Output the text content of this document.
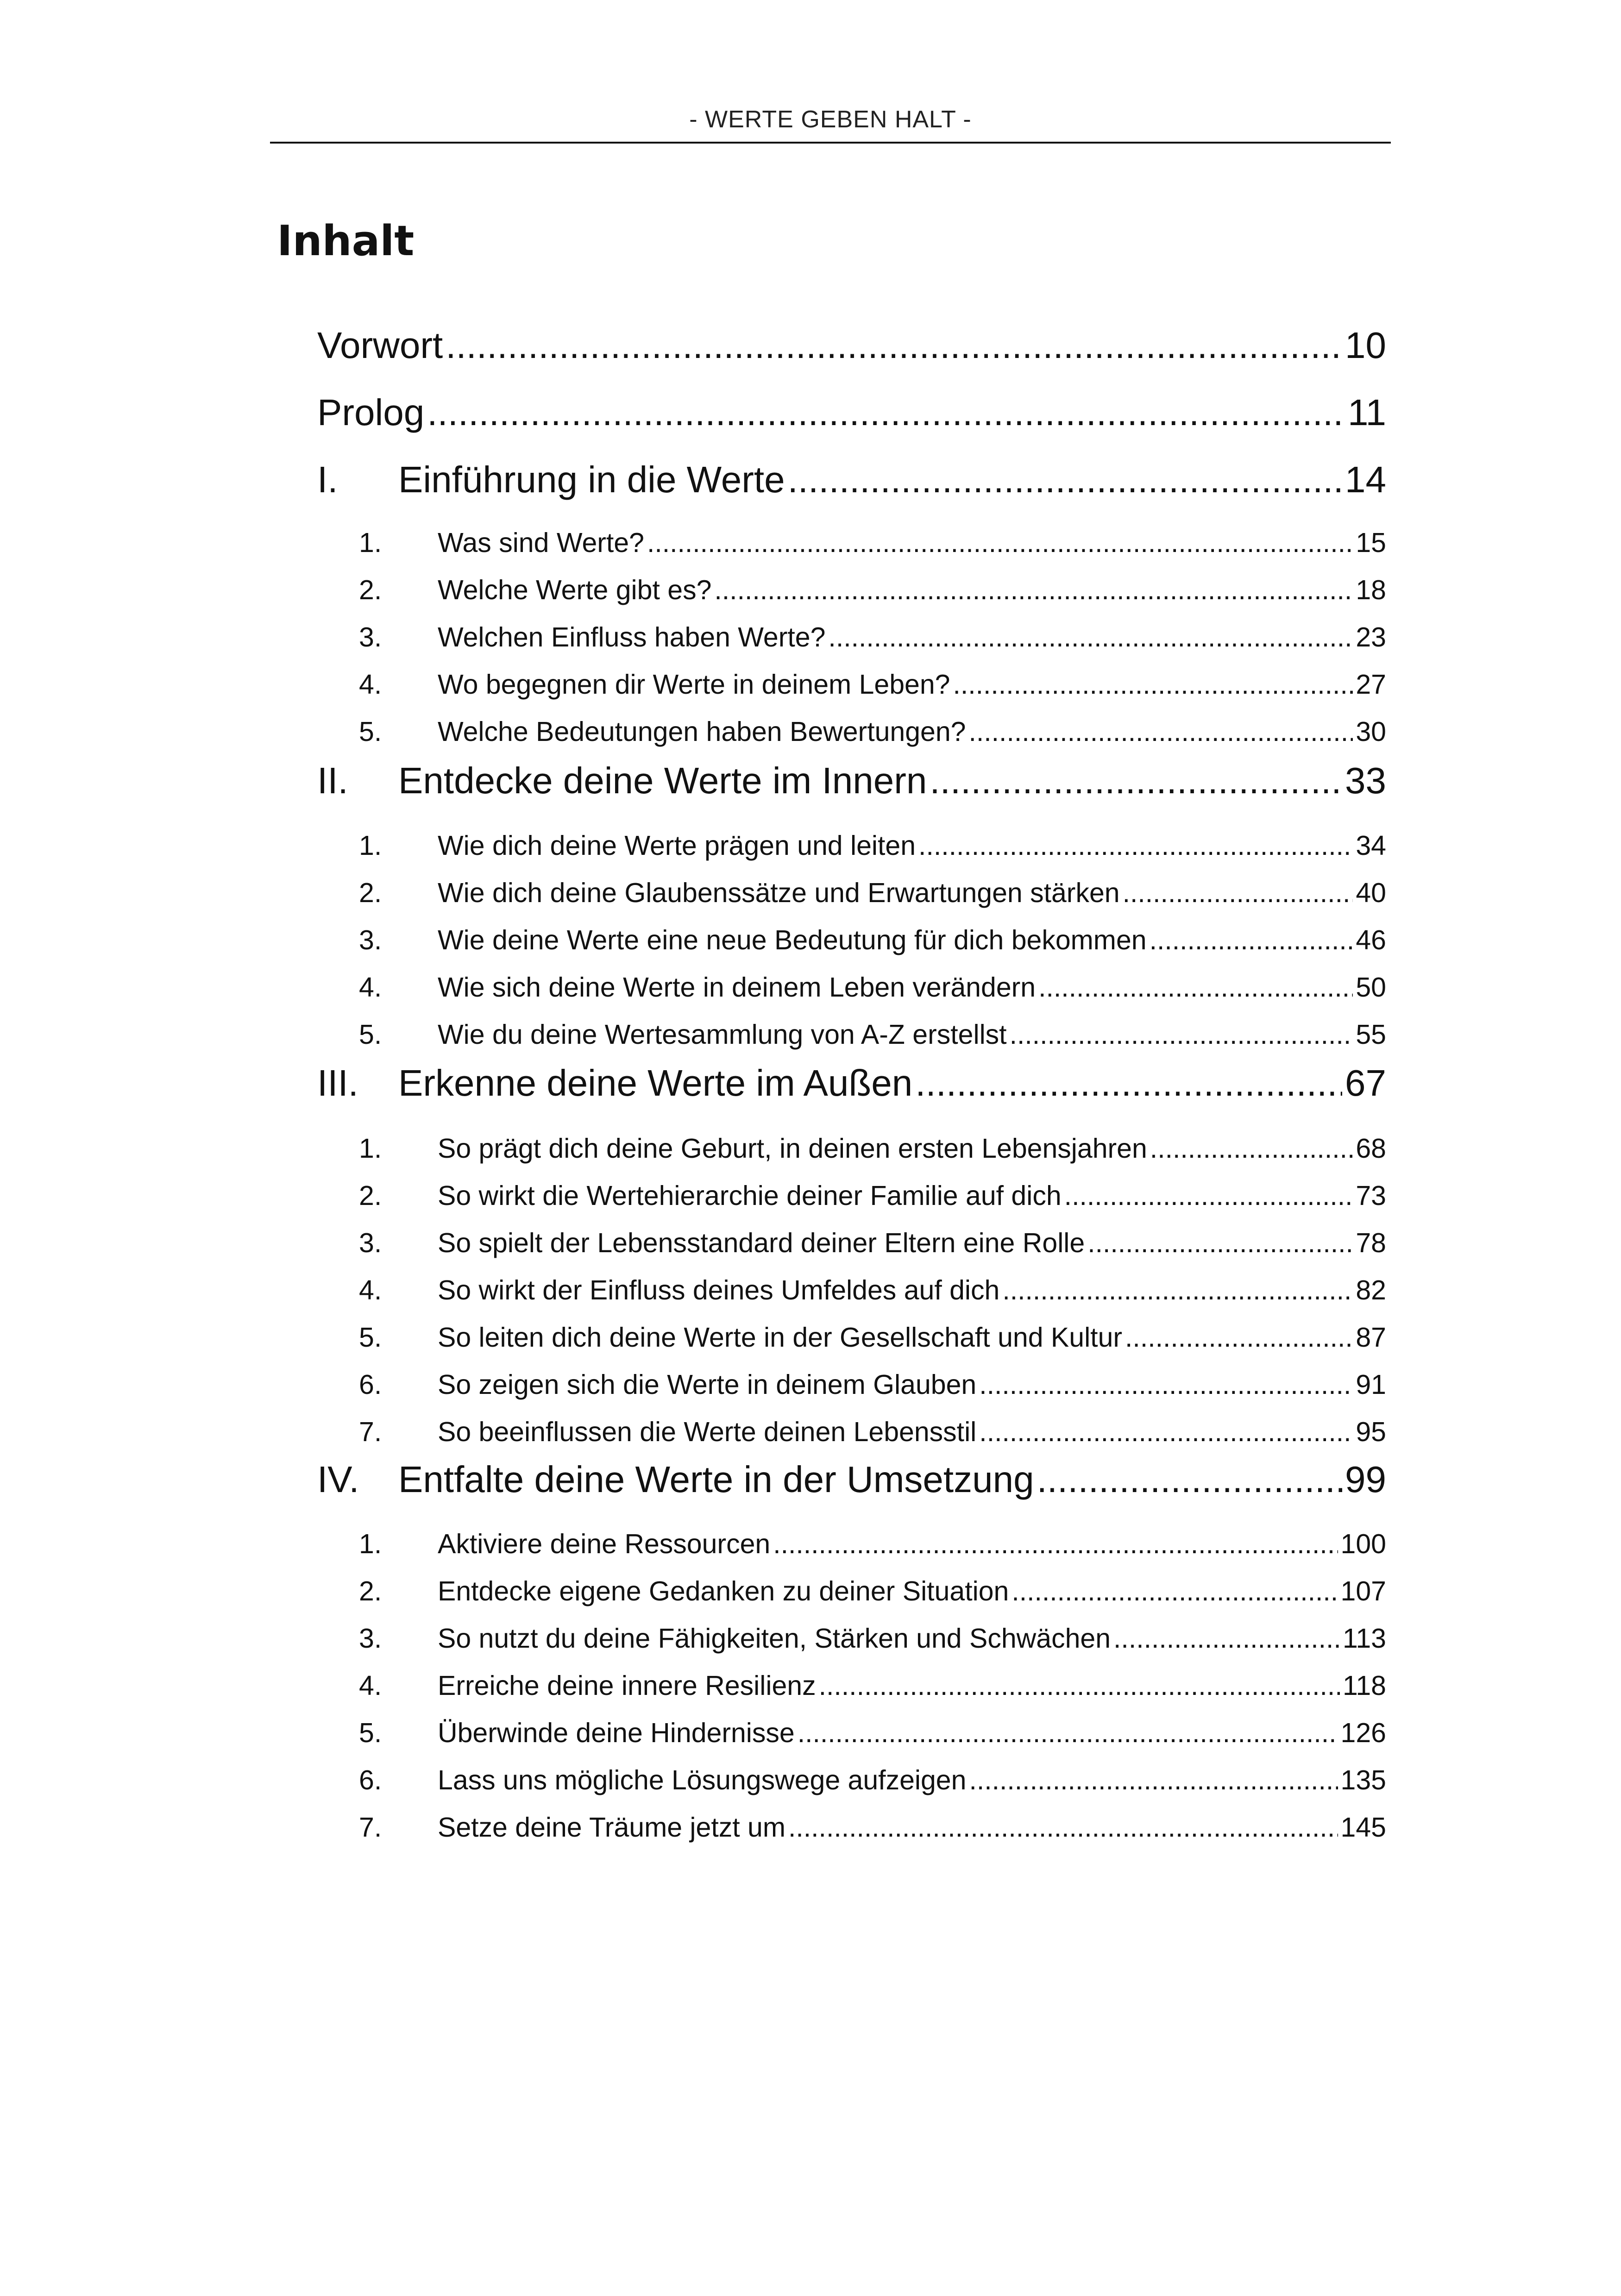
- WERTE GEBEN HALT -
Inhalt
Vorwort .....	10
Prolog .....	11
I.	Einführung in die Werte .....	14
1.	Was sind Werte? .....	15
2.	Welche Werte gibt es? .....	18
3.	Welchen Einfluss haben Werte? .....	23
4.	Wo begegnen dir Werte in deinem Leben? .....	27
5.	Welche Bedeutungen haben Bewertungen? .....	30
II.	Entdecke deine Werte im Innern .....	33
1.	Wie dich deine Werte prägen und leiten .....	34
2.	Wie dich deine Glaubenssätze und Erwartungen stärken .....	40
3.	Wie deine Werte eine neue Bedeutung für dich bekommen .....	46
4.	Wie sich deine Werte in deinem Leben verändern .....	50
5.	Wie du deine Wertesammlung von A-Z erstellst .....	55
III.	Erkenne deine Werte im Außen .....	67
1.	So prägt dich deine Geburt, in deinen ersten Lebensjahren .....	68
2.	So wirkt die Wertehierarchie deiner Familie auf dich .....	73
3.	So spielt der Lebensstandard deiner Eltern eine Rolle .....	78
4.	So wirkt der Einfluss deines Umfeldes auf dich .....	82
5.	So leiten dich deine Werte in der Gesellschaft und Kultur .....	87
6.	So zeigen sich die Werte in deinem Glauben .....	91
7.	So beeinflussen die Werte deinen Lebensstil .....	95
IV.	Entfalte deine Werte in der Umsetzung .....	99
1.	Aktiviere deine Ressourcen .....	100
2.	Entdecke eigene Gedanken zu deiner Situation .....	107
3.	So nutzt du deine Fähigkeiten, Stärken und Schwächen .....	113
4.	Erreiche deine innere Resilienz .....	118
5.	Überwinde deine Hindernisse .....	126
6.	Lass uns mögliche Lösungswege aufzeigen .....	135
7.	Setze deine Träume jetzt um .....	145
